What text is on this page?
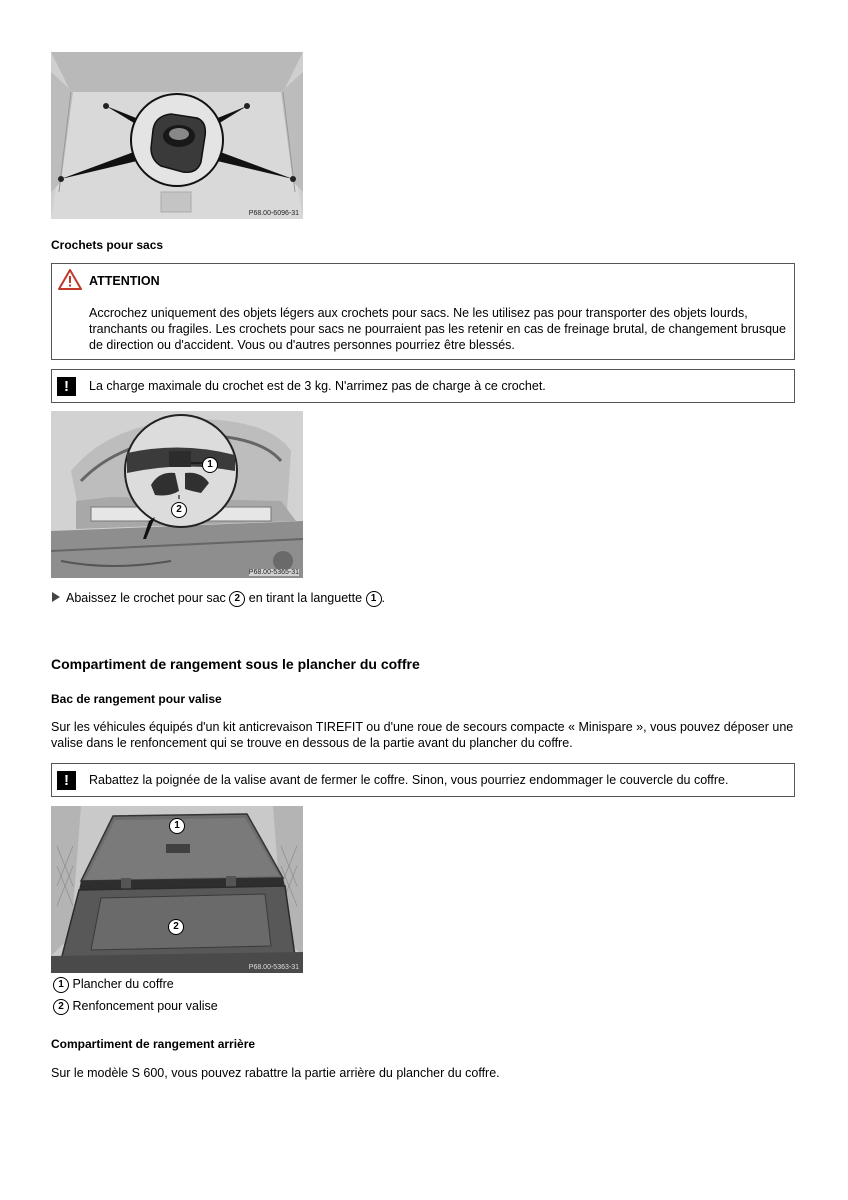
P68.00-6096-31
Crochets pour sacs
ATTENTION
Accrochez uniquement des objets légers aux crochets pour sacs. Ne les utilisez pas pour transporter des objets lourds, tranchants ou fragiles. Les crochets pour sacs ne pourraient pas les retenir en cas de freinage brutal, de changement brusque de direction ou d'accident. Vous ou d'autres personnes pourriez être blessés.
!	La charge maximale du crochet est de 3 kg. N'arrimez pas de charge à ce crochet.
1
2
P68.00-5365-31
Abaissez le crochet pour sac 2 en tirant la languette 1 .
Compartiment de rangement sous le plancher du coffre
Bac de rangement pour valise
Sur les véhicules équipés d'un kit anticrevaison TIREFIT ou d'une roue de secours compacte « Minispare », vous pouvez déposer une valise dans le renfoncement qui se trouve en dessous de la partie avant du plancher du coffre.
!	Rabattez la poignée de la valise avant de fermer le coffre. Sinon, vous pourriez endommager le couvercle du coffre.
1
2
P68.00-5363-31
1 Plancher du coffre
2 Renfoncement pour valise
Compartiment de rangement arrière
Sur le modèle S 600, vous pouvez rabattre la partie arrière du plancher du coffre.
